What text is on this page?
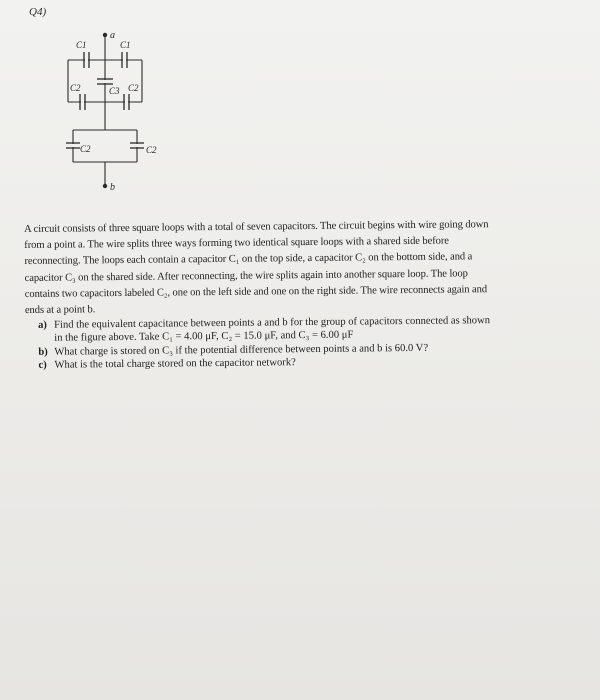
Q4)
a
b
C1	C1
C2	C2
C3
C2	C2

A circuit consists of three square loops with a total of seven capacitors. The circuit begins with wire going down
from a point a. The wire splits three ways forming two identical square loops with a shared side before
reconnecting. The loops each contain a capacitor C₁ on the top side, a capacitor C₂ on the bottom side, and a
capacitor C₃ on the shared side. After reconnecting, the wire splits again into another square loop. The loop
contains two capacitors labeled C₂, one on the left side and one on the right side. The wire reconnects again and
ends at a point b.

a) Find the equivalent capacitance between points a and b for the group of capacitors connected as shown
in the figure above. Take C₁ = 4.00 μF, C₂ = 15.0 μF, and C₃ = 6.00 μF
b) What charge is stored on C₃ if the potential difference between points a and b is 60.0 V?
c) What is the total charge stored on the capacitor network?
